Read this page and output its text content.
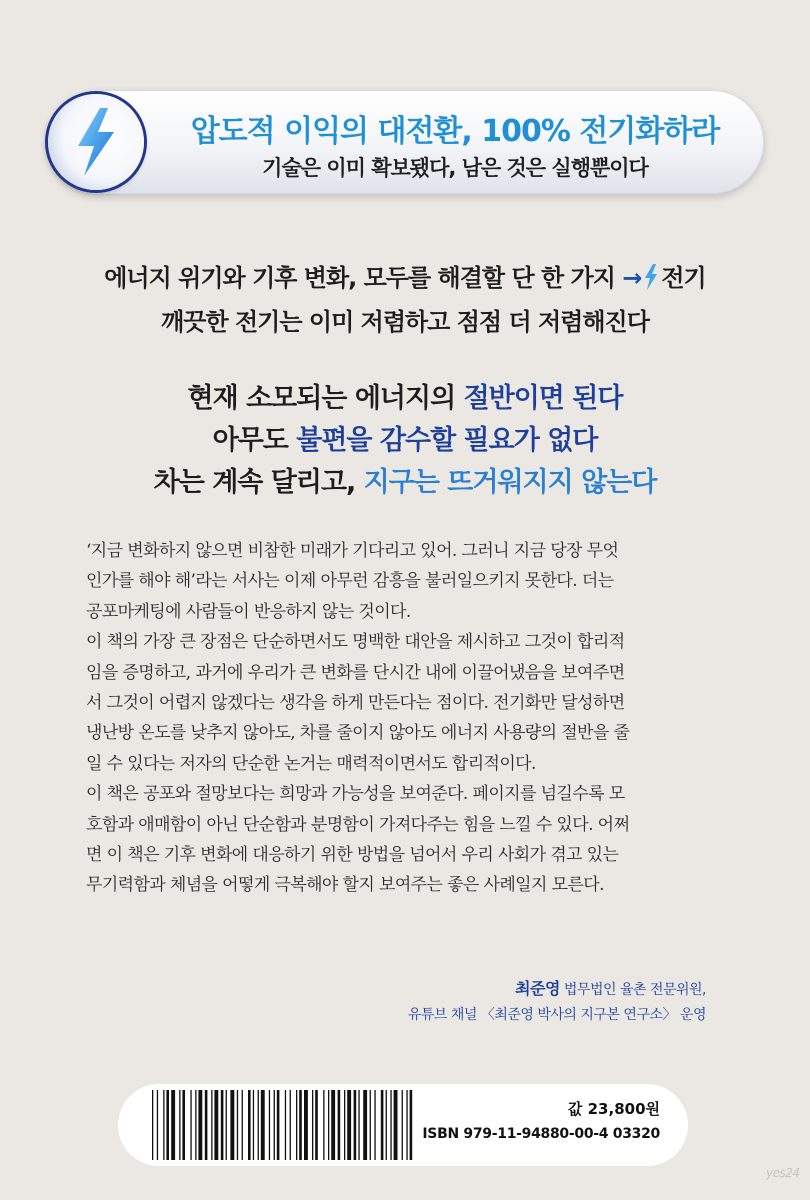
압도적 이익의 대전환, 100% 전기화하라
기술은 이미 확보됐다, 남은 것은 실행뿐이다
에너지 위기와 기후 변화, 모두를 해결할 단 한 가지 → 전기
깨끗한 전기는 이미 저렴하고 점점 더 저렴해진다
현재 소모되는 에너지의 절반이면 된다
아무도 불편을 감수할 필요가 없다
차는 계속 달리고, 지구는 뜨거워지지 않는다

‘지금 변화하지 않으면 비참한 미래가 기다리고 있어. 그러니 지금 당장 무엇

인가를 해야 해’라는 서사는 이제 아무런 감흥을 불러일으키지 못한다. 더는

공포마케팅에 사람들이 반응하지 않는 것이다.

이 책의 가장 큰 장점은 단순하면서도 명백한 대안을 제시하고 그것이 합리적

임을 증명하고, 과거에 우리가 큰 변화를 단시간 내에 이끌어냈음을 보여주면

서 그것이 어렵지 않겠다는 생각을 하게 만든다는 점이다. 전기화만 달성하면

냉난방 온도를 낮추지 않아도, 차를 줄이지 않아도 에너지 사용량의 절반을 줄

일 수 있다는 저자의 단순한 논거는 매력적이면서도 합리적이다.

이 책은 공포와 절망보다는 희망과 가능성을 보여준다. 페이지를 넘길수록 모

호함과 애매함이 아닌 단순함과 분명함이 가져다주는 힘을 느낄 수 있다. 어쩌

면 이 책은 기후 변화에 대응하기 위한 방법을 넘어서 우리 사회가 겪고 있는

무기력함과 체념을 어떻게 극복해야 할지 보여주는 좋은 사례일지 모른다.

최준영 법무법인 율촌 전문위원,
유튜브 채널 〈최준영 박사의 지구본 연구소〉 운영
값 23,800원
ISBN 979-11-94880-00-4 03320
yes24
